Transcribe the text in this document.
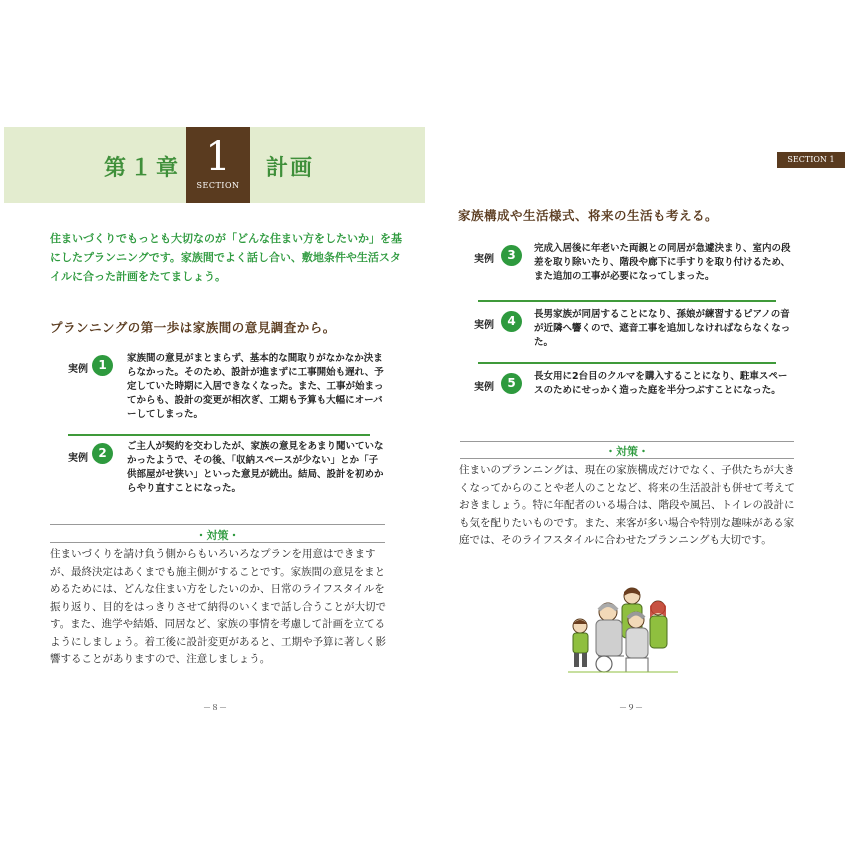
第１章 1
SECTION
計画

住まいづくりでもっとも大切なのが「どんな住まい方をしたいか」を基にしたプランニングです。家族間でよく話し合い、敷地条件や生活スタイルに合った計画をたてましょう。

プランニングの第一歩は家族間の意見調査から。
実例 1	家族間の意見がまとまらず、基本的な間取りがなかなか決まらなかった。そのため、設計が進まずに工事開始も遅れ、予定していた時期に入居できなくなった。また、工事が始まってからも、設計の変更が相次ぎ、工期も予算も大幅にオーバーしてしまった。

実例 2	ご主人が契約を交わしたが、家族の意見をあまり聞いていなかったようで、その後、「収納スペースが少ない」とか「子供部屋がせ狭い」といった意見が続出。結局、設計を初めからやり直すことになった。

・対策・

住まいづくりを請け負う側からもいろいろなプランを用意はできますが、最終決定はあくまでも施主側がすることです。家族間の意見をまとめるためには、どんな住まい方をしたいのか、日常のライフスタイルを振り返り、目的をはっきりさせて納得のいくまで話し合うことが大切です。また、進学や結婚、同居など、家族の事情を考慮して計画を立てるようにしましょう。着工後に設計変更があると、工期や予算に著しく影響することがありますので、注意しましょう。

－８－
SECTION 1
家族構成や生活様式、将来の生活も考える。
実例	3	完成入居後に年老いた両親との同居が急遽決まり、室内の段差を取り除いたり、階段や廊下に手すりを取り付けるため、また追加の工事が必要になってしまった。

実例	4	長男家族が同居することになり、孫娘が練習するピアノの音が近隣へ響くので、遮音工事を追加しなければならなくなった。

実例	5	長女用に2台目のクルマを購入することになり、駐車スペースのためにせっかく造った庭を半分つぶすことになった。

・対策・

住まいのプランニングは、現在の家族構成だけでなく、子供たちが大きくなってからのことや老人のことなど、将来の生活設計も併せて考えておきましょう。特に年配者のいる場合は、階段や風呂、トイレの設計にも気を配りたいものです。また、来客が多い場合や特別な趣味がある家庭では、そのライフスタイルに合わせたプランニングも大切です。

－９－
